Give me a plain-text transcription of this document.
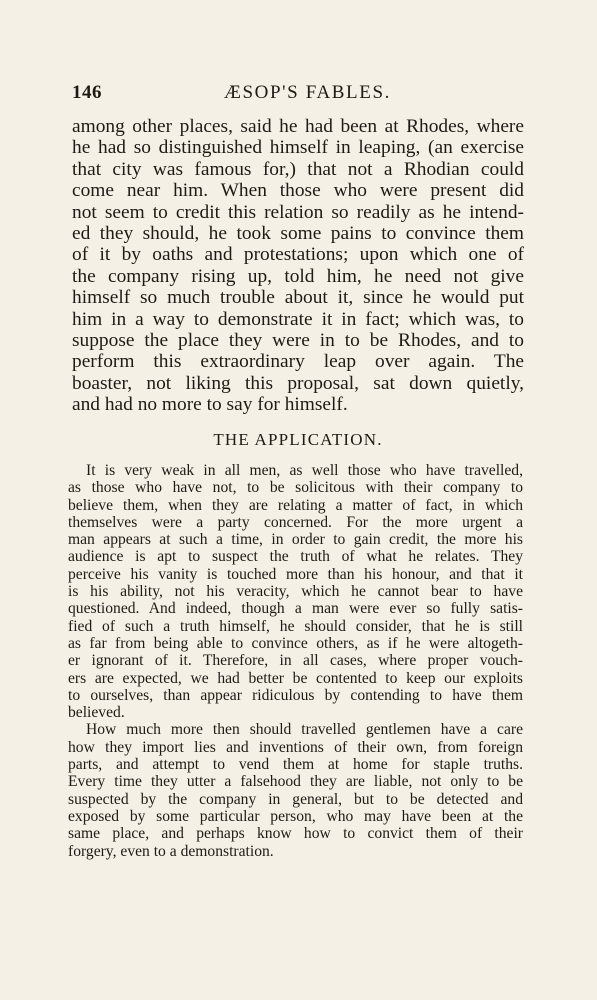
146	ÆSOP'S FABLES.
among other places, said he had been at Rhodes, where
he had so distinguished himself in leaping, (an exercise
that city was famous for,) that not a Rhodian could
come near him. When those who were present did
not seem to credit this relation so readily as he intend-
ed they should, he took some pains to convince them
of it by oaths and protestations; upon which one of
the company rising up, told him, he need not give
himself so much trouble about it, since he would put
him in a way to demonstrate it in fact; which was, to
suppose the place they were in to be Rhodes, and to
perform this extraordinary leap over again. The
boaster, not liking this proposal, sat down quietly,
and had no more to say for himself.
THE APPLICATION.
It is very weak in all men, as well those who have travelled,
as those who have not, to be solicitous with their company to
believe them, when they are relating a matter of fact, in which
themselves were a party concerned. For the more urgent a
man appears at such a time, in order to gain credit, the more his
audience is apt to suspect the truth of what he relates. They
perceive his vanity is touched more than his honour, and that it
is his ability, not his veracity, which he cannot bear to have
questioned. And indeed, though a man were ever so fully satis-
fied of such a truth himself, he should consider, that he is still
as far from being able to convince others, as if he were altogeth-
er ignorant of it. Therefore, in all cases, where proper vouch-
ers are expected, we had better be contented to keep our exploits
to ourselves, than appear ridiculous by contending to have them
believed.
How much more then should travelled gentlemen have a care
how they import lies and inventions of their own, from foreign
parts, and attempt to vend them at home for staple truths.
Every time they utter a falsehood they are liable, not only to be
suspected by the company in general, but to be detected and
exposed by some particular person, who may have been at the
same place, and perhaps know how to convict them of their
forgery, even to a demonstration.
